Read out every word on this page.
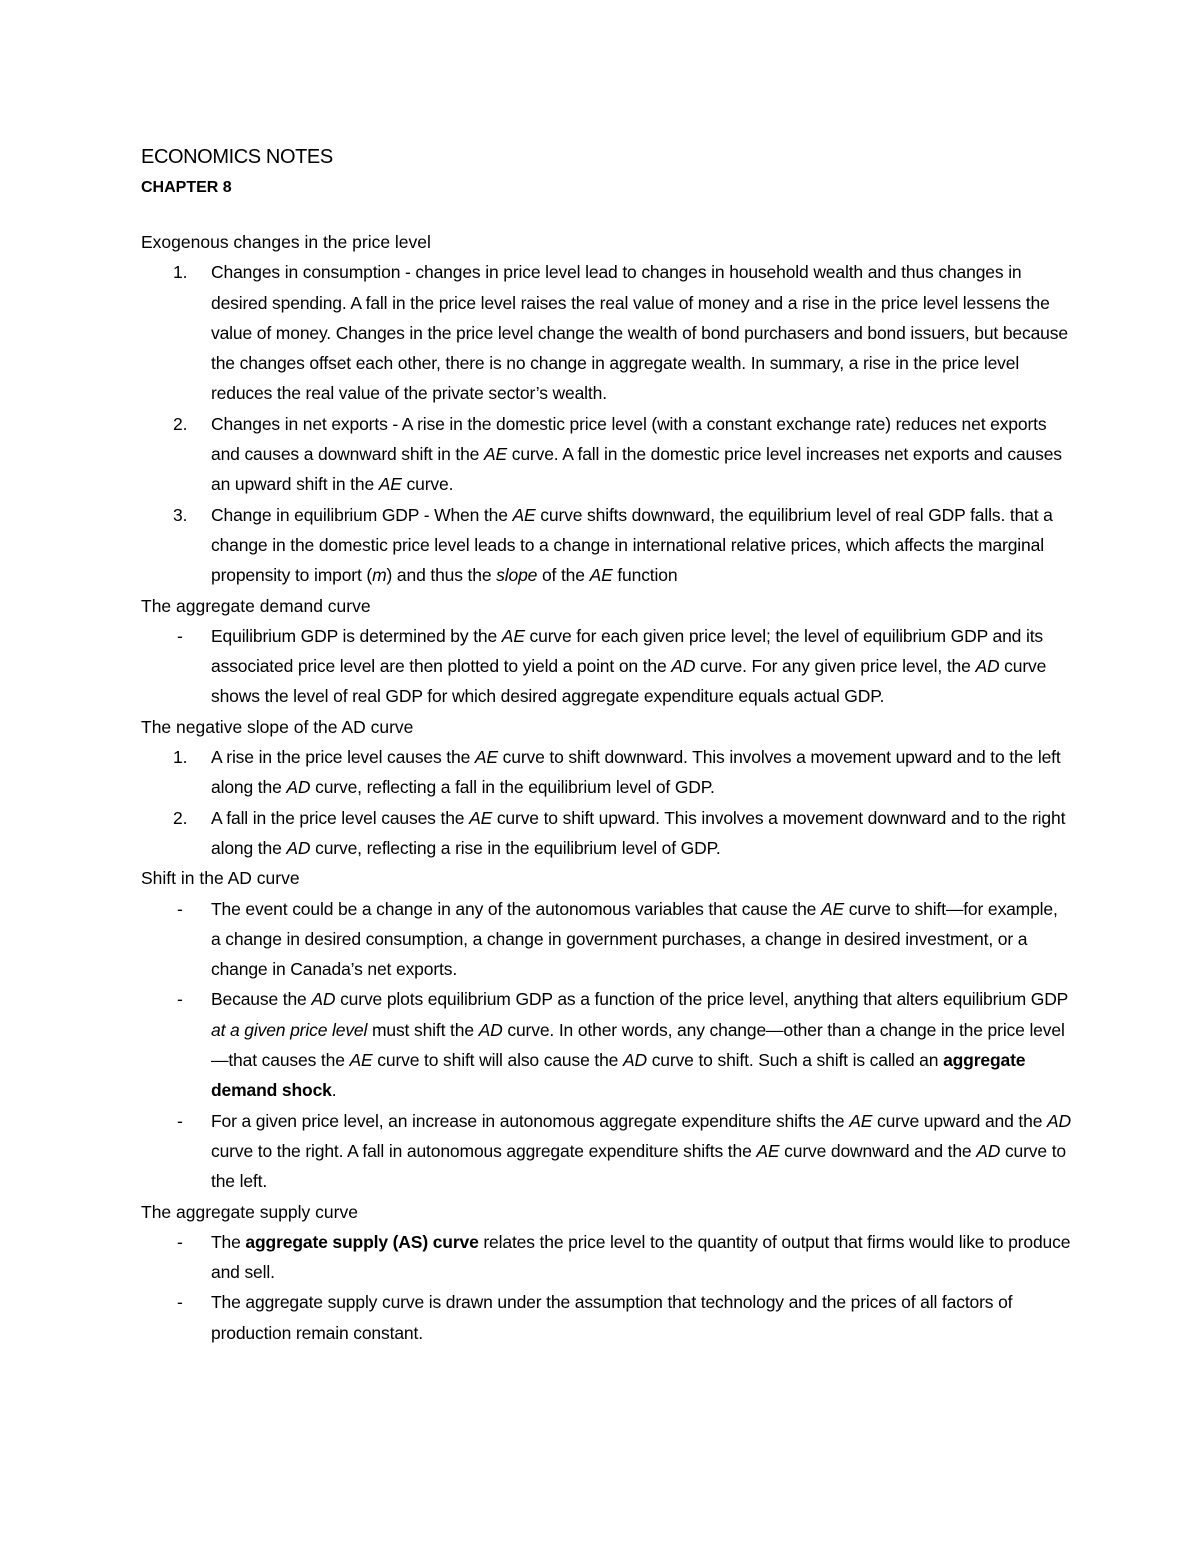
ECONOMICS NOTES
CHAPTER 8
Exogenous changes in the price level
1. Changes in consumption - changes in price level lead to changes in household wealth and thus changes in desired spending. A fall in the price level raises the real value of money and a rise in the price level lessens the value of money. Changes in the price level change the wealth of bond purchasers and bond issuers, but because the changes offset each other, there is no change in aggregate wealth. In summary, a rise in the price level reduces the real value of the private sector’s wealth.
2. Changes in net exports - A rise in the domestic price level (with a constant exchange rate) reduces net exports and causes a downward shift in the AE curve. A fall in the domestic price level increases net exports and causes an upward shift in the AE curve.
3. Change in equilibrium GDP - When the AE curve shifts downward, the equilibrium level of real GDP falls. that a change in the domestic price level leads to a change in international relative prices, which affects the marginal propensity to import (m) and thus the slope of the AE function
The aggregate demand curve
- Equilibrium GDP is determined by the AE curve for each given price level; the level of equilibrium GDP and its associated price level are then plotted to yield a point on the AD curve. For any given price level, the AD curve shows the level of real GDP for which desired aggregate expenditure equals actual GDP.
The negative slope of the AD curve
1. A rise in the price level causes the AE curve to shift downward. This involves a movement upward and to the left along the AD curve, reflecting a fall in the equilibrium level of GDP.
2. A fall in the price level causes the AE curve to shift upward. This involves a movement downward and to the right along the AD curve, reflecting a rise in the equilibrium level of GDP.
Shift in the AD curve
- The event could be a change in any of the autonomous variables that cause the AE curve to shift—for example, a change in desired consumption, a change in government purchases, a change in desired investment, or a change in Canada’s net exports.
- Because the AD curve plots equilibrium GDP as a function of the price level, anything that alters equilibrium GDP at a given price level must shift the AD curve. In other words, any change—other than a change in the price level—that causes the AE curve to shift will also cause the AD curve to shift. Such a shift is called an aggregate demand shock.
- For a given price level, an increase in autonomous aggregate expenditure shifts the AE curve upward and the AD curve to the right. A fall in autonomous aggregate expenditure shifts the AE curve downward and the AD curve to the left.
The aggregate supply curve
- The aggregate supply (AS) curve relates the price level to the quantity of output that firms would like to produce and sell.
- The aggregate supply curve is drawn under the assumption that technology and the prices of all factors of production remain constant.
